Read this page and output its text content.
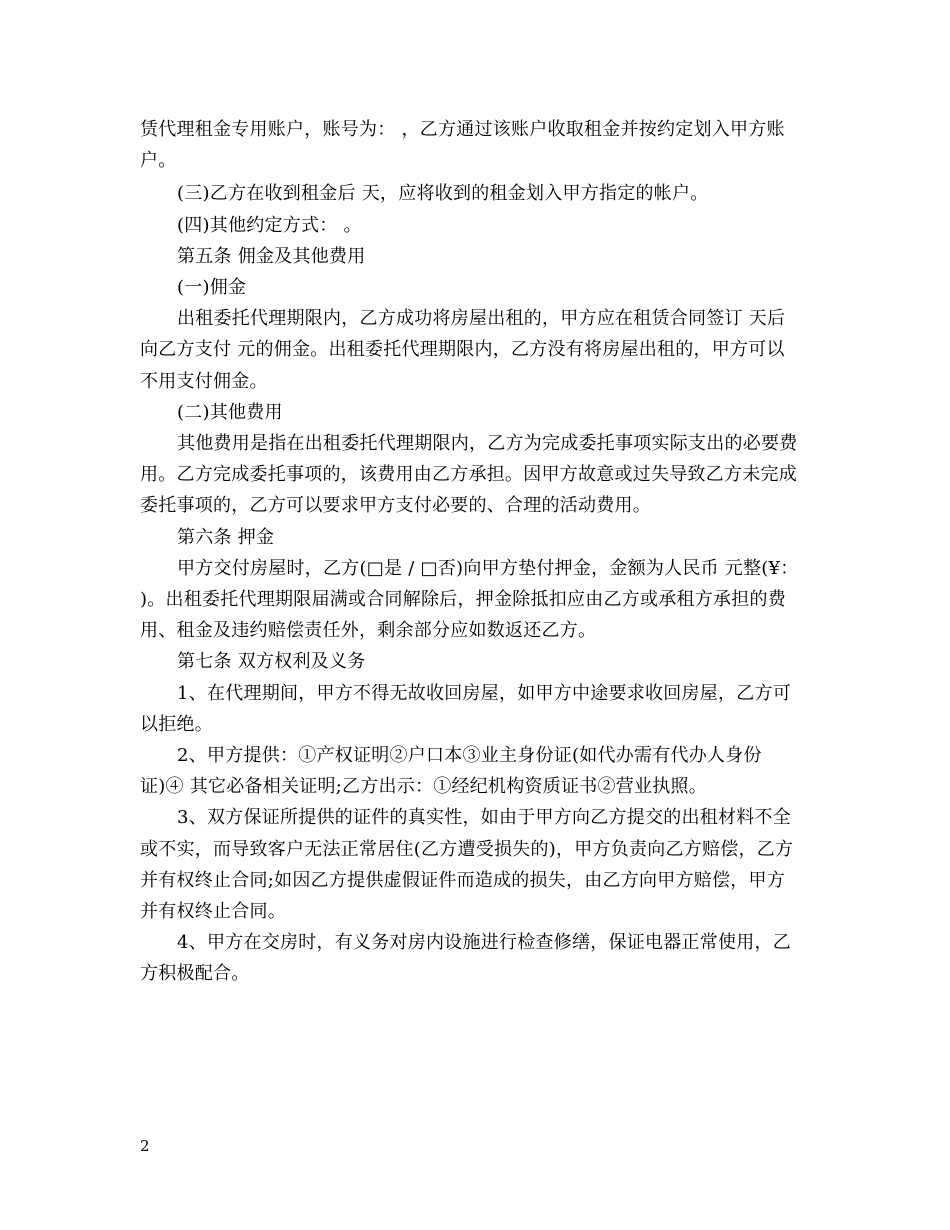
赁代理租金专用账户，账号为： ，乙方通过该账户收取租金并按约定划入甲方账

户。

(三)乙方在收到租金后 天，应将收到的租金划入甲方指定的帐户。

(四)其他约定方式： 。

第五条 佣金及其他费用

(一)佣金

出租委托代理期限内，乙方成功将房屋出租的，甲方应在租赁合同签订 天后

向乙方支付 元的佣金。出租委托代理期限内，乙方没有将房屋出租的，甲方可以

不用支付佣金。

(二)其他费用

其他费用是指在出租委托代理期限内，乙方为完成委托事项实际支出的必要费

用。乙方完成委托事项的，该费用由乙方承担。因甲方故意或过失导致乙方未完成

委托事项的，乙方可以要求甲方支付必要的、合理的活动费用。

第六条 押金

甲方交付房屋时，乙方(□是 / □否)向甲方垫付押金，金额为人民币 元整(¥：

)。出租委托代理期限届满或合同解除后，押金除抵扣应由乙方或承租方承担的费

用、租金及违约赔偿责任外，剩余部分应如数返还乙方。

第七条 双方权利及义务

1、在代理期间，甲方不得无故收回房屋，如甲方中途要求收回房屋，乙方可

以拒绝。

2、甲方提供：①产权证明②户口本③业主身份证(如代办需有代办人身份

证)④ 其它必备相关证明;乙方出示：①经纪机构资质证书②营业执照。

3、双方保证所提供的证件的真实性，如由于甲方向乙方提交的出租材料不全

或不实，而导致客户无法正常居住(乙方遭受损失的)，甲方负责向乙方赔偿，乙方

并有权终止合同;如因乙方提供虚假证件而造成的损失，由乙方向甲方赔偿，甲方

并有权终止合同。

4、甲方在交房时，有义务对房内设施进行检查修缮，保证电器正常使用，乙

方积极配合。

2
